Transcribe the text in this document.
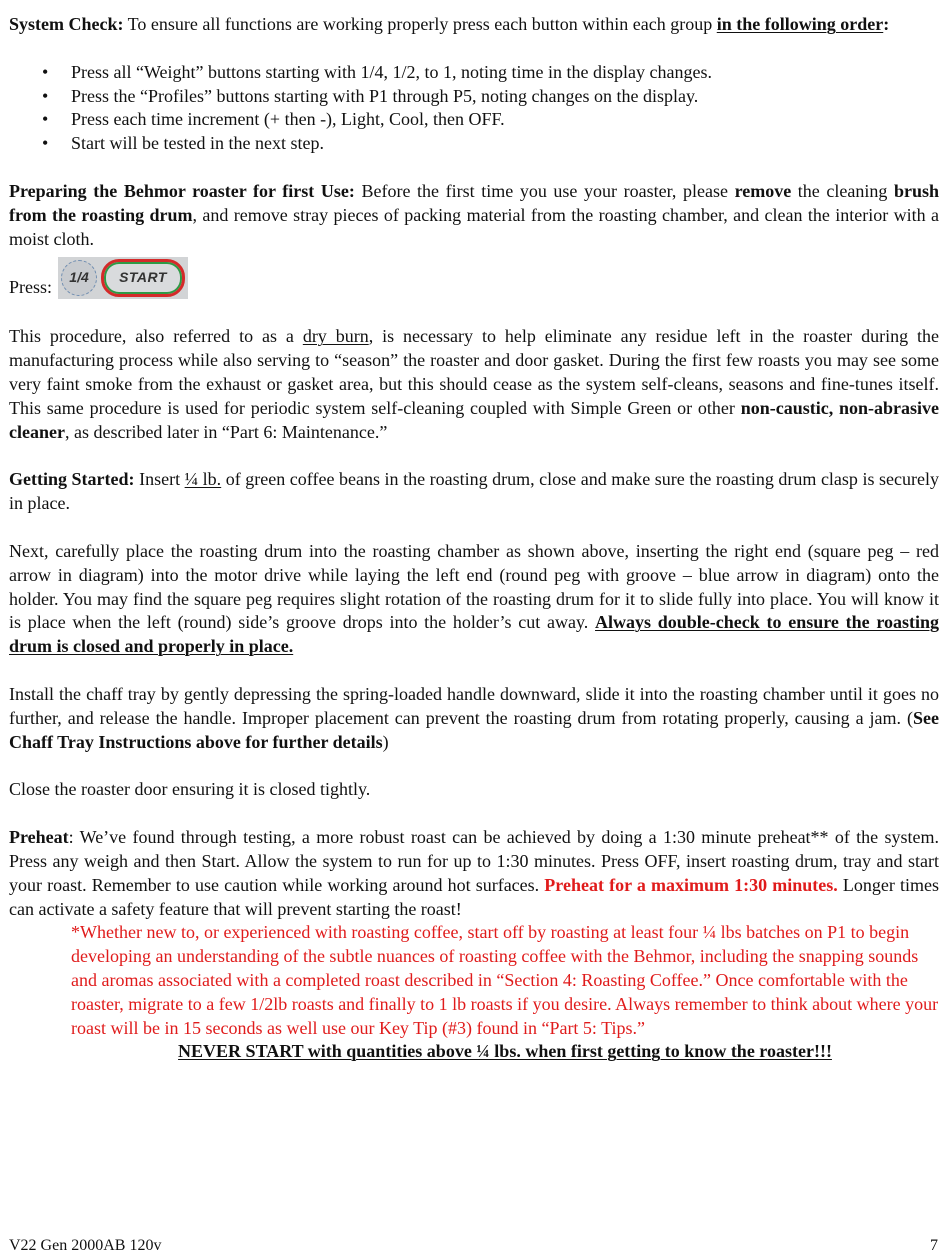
System Check: To ensure all functions are working properly press each button within each group in the following order:

• Press all “Weight” buttons starting with 1/4, 1/2, to 1, noting time in the display changes.
• Press the “Profiles” buttons starting with P1 through P5, noting changes on the display.
• Press each time increment (+ then -), Light, Cool, then OFF.
• Start will be tested in the next step.

Preparing the Behmor roaster for first Use: Before the first time you use your roaster, please remove the cleaning brush from the roasting drum, and remove stray pieces of packing material from the roasting chamber, and clean the interior with a moist cloth.

Press:	1/4	START

This procedure, also referred to as a dry burn, is necessary to help eliminate any residue left in the roaster during the manufacturing process while also serving to “season” the roaster and door gasket. During the first few roasts you may see some very faint smoke from the exhaust or gasket area, but this should cease as the system self-cleans, seasons and fine-tunes itself. This same procedure is used for periodic system self-cleaning coupled with Simple Green or other non-caustic, non-abrasive cleaner, as described later in “Part 6: Maintenance.”

Getting Started: Insert ¼ lb. of green coffee beans in the roasting drum, close and make sure the roasting drum clasp is securely in place.

Next, carefully place the roasting drum into the roasting chamber as shown above, inserting the right end (square peg – red arrow in diagram) into the motor drive while laying the left end (round peg with groove – blue arrow in diagram) onto the holder. You may find the square peg requires slight rotation of the roasting drum for it to slide fully into place. You will know it is place when the left (round) side’s groove drops into the holder’s cut away. Always double-check to ensure the roasting drum is closed and properly in place.

Install the chaff tray by gently depressing the spring-loaded handle downward, slide it into the roasting chamber until it goes no further, and release the handle. Improper placement can prevent the roasting drum from rotating properly, causing a jam. (See Chaff Tray Instructions above for further details)

Close the roaster door ensuring it is closed tightly.

Preheat: We’ve found through testing, a more robust roast can be achieved by doing a 1:30 minute preheat** of the system. Press any weigh and then Start. Allow the system to run for up to 1:30 minutes. Press OFF, insert roasting drum, tray and start your roast. Remember to use caution while working around hot surfaces. Preheat for a maximum 1:30 minutes. Longer times can activate a safety feature that will prevent starting the roast!

*Whether new to, or experienced with roasting coffee, start off by roasting at least four ¼ lbs batches on P1 to begin developing an understanding of the subtle nuances of roasting coffee with the Behmor, including the snapping sounds and aromas associated with a completed roast described in “Section 4: Roasting Coffee.” Once comfortable with the roaster, migrate to a few 1/2lb roasts and finally to 1 lb roasts if you desire. Always remember to think about where your roast will be in 15 seconds as well use our Key Tip (#3) found in “Part 5: Tips.”

NEVER START with quantities above ¼ lbs. when first getting to know the roaster!!!

V22 Gen 2000AB 120v	7
